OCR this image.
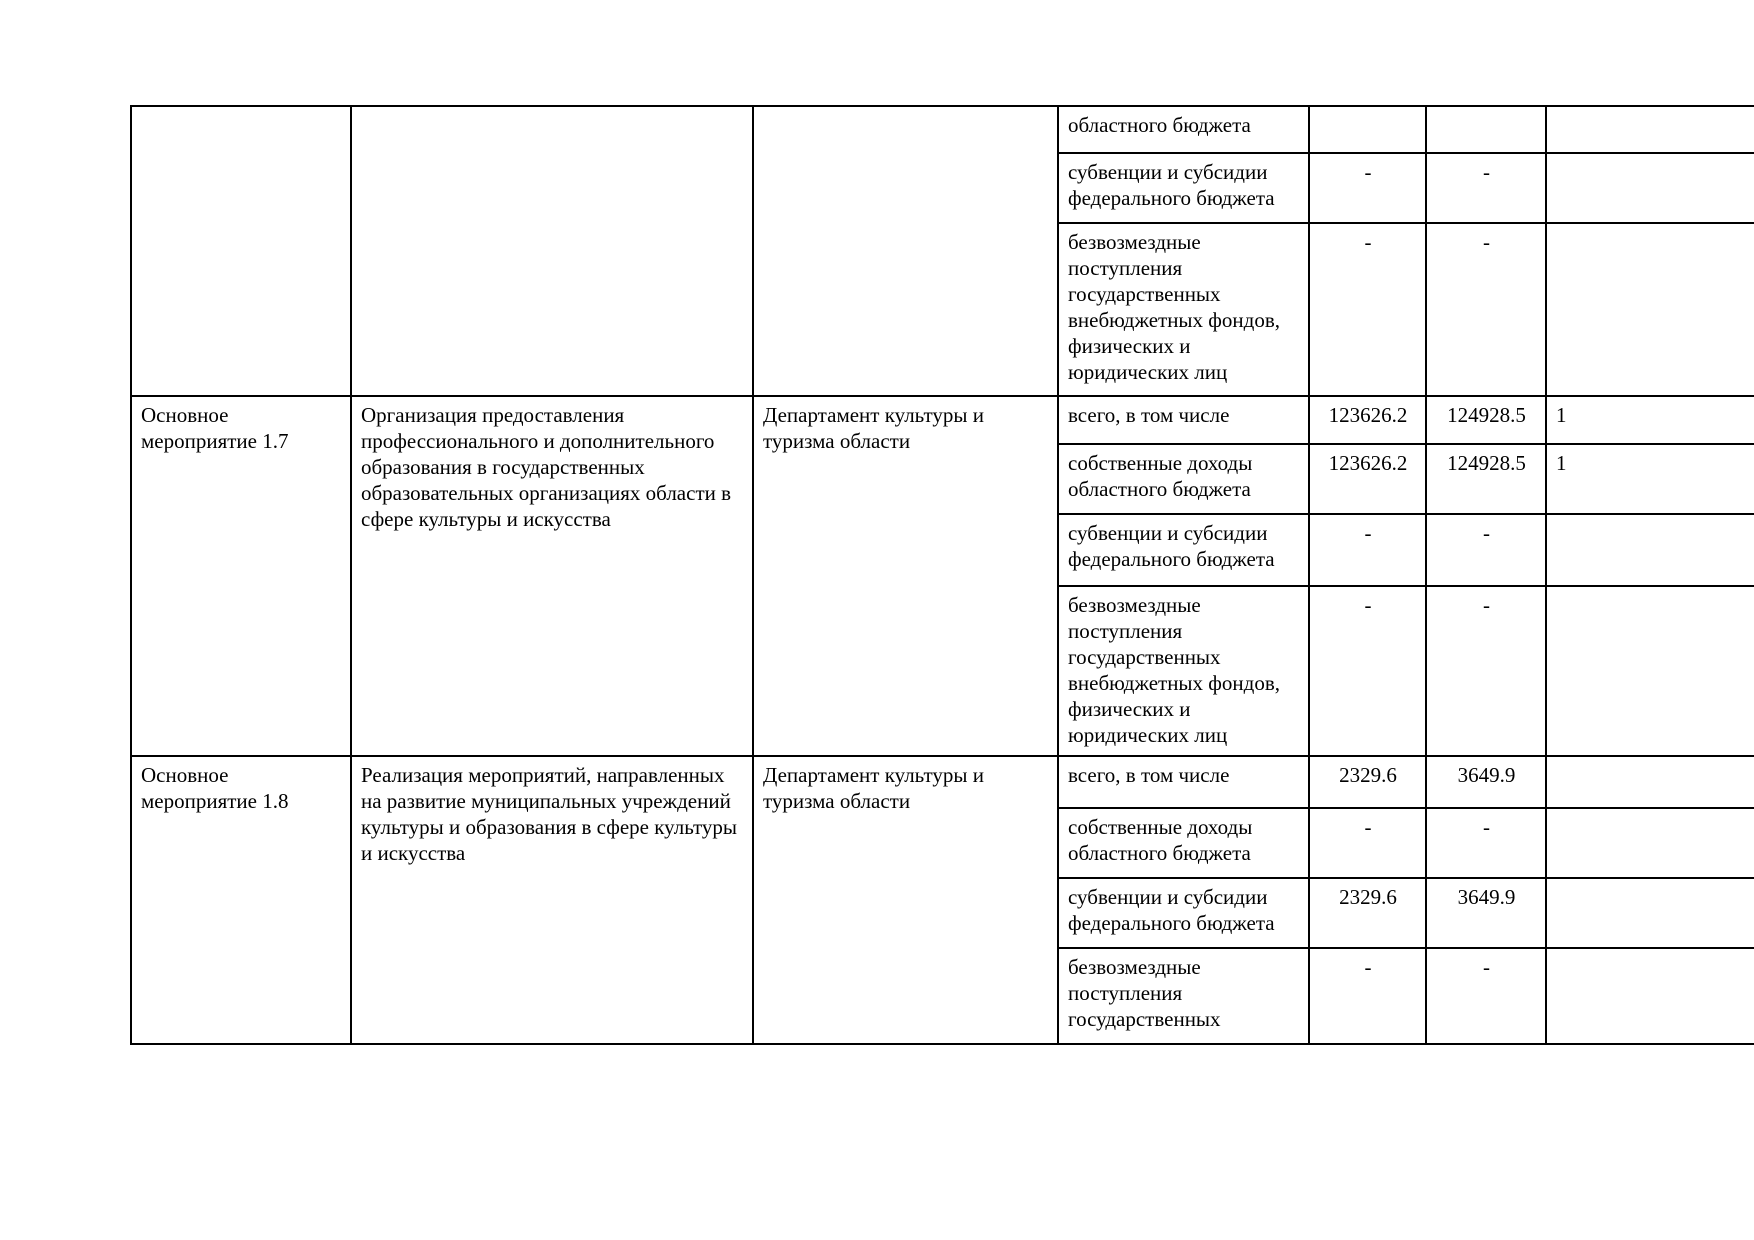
			областного бюджета			
			субвенции и субсидии федерального бюджета	-	-	
			безвозмездные поступления государственных внебюджетных фондов, физических и юридических лиц	-	-	
Основное мероприятие 1.7	Организация предоставления профессионального и дополнительного образования в государственных образовательных организациях области в сфере культуры и искусства	Департамент культуры и туризма области	всего, в том числе	123626.2	124928.5	1
			собственные доходы областного бюджета	123626.2	124928.5	1
			субвенции и субсидии федерального бюджета	-	-	
			безвозмездные поступления государственных внебюджетных фондов, физических и юридических лиц	-	-	
Основное мероприятие 1.8	Реализация мероприятий, направленных на развитие муниципальных учреждений культуры и образования в сфере культуры и искусства	Департамент культуры и туризма области	всего, в том числе	2329.6	3649.9	
			собственные доходы областного бюджета	-	-	
			субвенции и субсидии федерального бюджета	2329.6	3649.9	
			безвозмездные поступления государственных	-	-	
